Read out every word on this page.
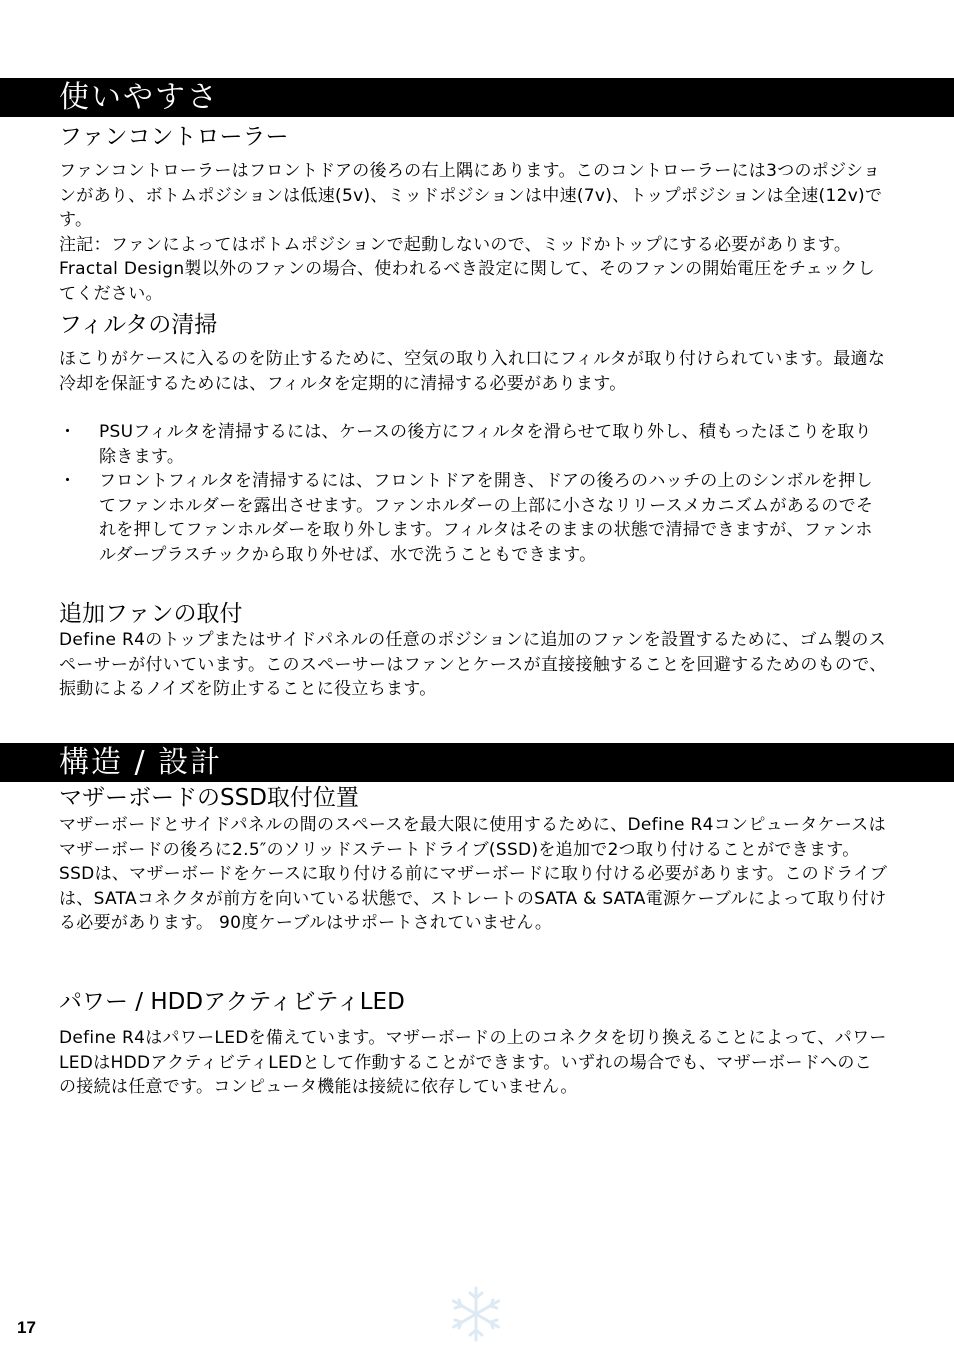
使いやすさ
ファンコントローラー

ファンコントローラーはフロントドアの後ろの右上隅にあります。このコントローラーには3つのポジションがあり、ボトムポジションは低速(5v)、ミッドポジションは中速(7v)、トップポジションは全速(12v)です。

注記：ファンによってはボトムポジションで起動しないので、ミッドかトップにする必要があります。Fractal Design製以外のファンの場合、使われるべき設定に関して、そのファンの開始電圧をチェックしてください。

フィルタの清掃
ほこりがケースに入るのを防止するために、空気の取り入れ口にフィルタが取り付けられています。最適な冷却を保証するためには、フィルタを定期的に清掃する必要があります。
・ PSUフィルタを清掃するには、ケースの後方にフィルタを滑らせて取り外し、積もったほこりを取り除きます。
・ フロントフィルタを清掃するには、フロントドアを開き、ドアの後ろのハッチの上のシンボルを押してファンホルダーを露出させます。ファンホルダーの上部に小さなリリースメカニズムがあるのでそれを押してファンホルダーを取り外します。フィルタはそのままの状態で清掃できますが、ファンホルダープラスチックから取り外せば、水で洗うこともできます。
追加ファンの取付
Define R4のトップまたはサイドパネルの任意のポジションに追加のファンを設置するために、ゴム製のスペーサーが付いています。このスペーサーはファンとケースが直接接触することを回避するためのもので、振動によるノイズを防止することに役立ちます。
構造 / 設計
マザーボードのSSD取付位置

マザーボードとサイドパネルの間のスペースを最大限に使用するために、Define R4コンピュータケースはマザーボードの後ろに2.5″のソリッドステートドライブ(SSD)を追加で2つ取り付けることができます。

SSDは、マザーボードをケースに取り付ける前にマザーボードに取り付ける必要があります。このドライブは、SATAコネクタが前方を向いている状態で、ストレートのSATA & SATA電源ケーブルによって取り付ける必要があります。 90度ケーブルはサポートされていません。

パワー / HDDアクティビティLED
Define R4はパワーLEDを備えています。マザーボードの上のコネクタを切り換えることによって、パワーLEDはHDDアクティビティLEDとして作動することができます。いずれの場合でも、マザーボードへのこの接続は任意です。コンピュータ機能は接続に依存していません。
17
